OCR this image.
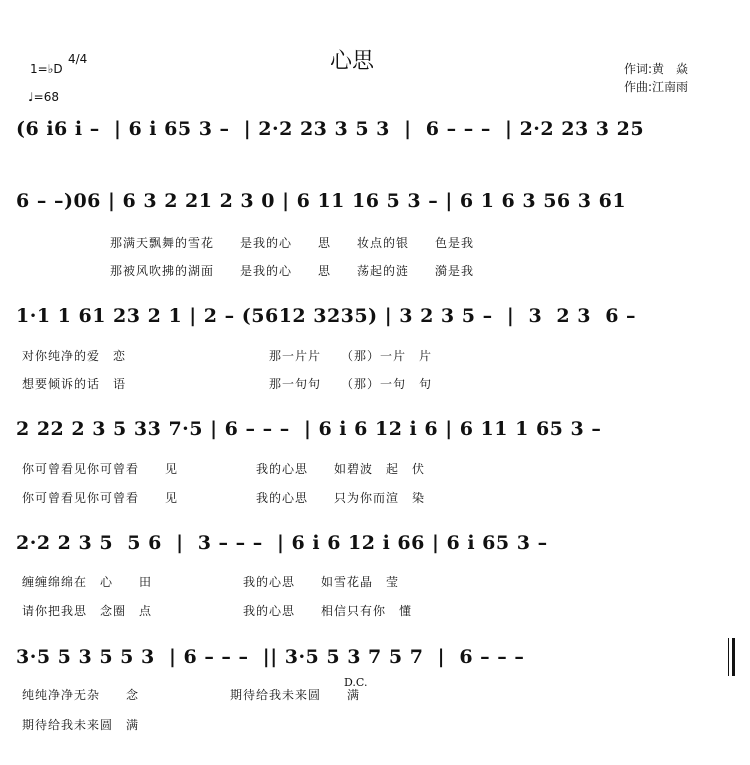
心思	作词:黄　焱
作曲:江南雨
1=♭D
4/4
♩=68
(6 i6 i –  | 6 i 65 3 –  | 2·2 23 3 5 3  |  6 – – –  | 2·2 23 3 25
6 – –)06 | 6 3 2 21 2 3 0 | 6 11 16 5 3 – | 6 1 6 3 56 3 61
那满天飘舞的雪花　　是我的心　　思　　妆点的银　　色是我
那被风吹拂的湖面　　是我的心　　思　　荡起的涟　　漪是我
1·1 1 61 23 2 1 | 2 – (5612 3235) | 3 2 3 5 –  |  3  2 3  6 –
对你纯净的爱　恋　　　　　　　　　　　那一片片　　（那）一片　片
想要倾诉的话　语　　　　　　　　　　　那一句句　　（那）一句　句
2 22 2 3 5 33 7·5 | 6 – – –  | 6 i 6 12 i 6 | 6 11 1 65 3 –
你可曾看见你可曾看　　见　　　　　　我的心思　　如碧波　起　伏
你可曾看见你可曾看　　见　　　　　　我的心思　　只为你而渲　染
2·2 2 3 5  5 6  |  3 – – –  | 6 i 6 12 i 66 | 6 i 65 3 –
缠缠绵绵在　心　　田　　　　　　　我的心思　　如雪花晶　莹
请你把我思　念圈　点　　　　　　　我的心思　　相信只有你　懂
3·5 5 3 5 5 3  | 6 – – –  || 3·5 5 3 7 5 7  |  6 – – –
D.C.
纯纯净净无杂　　念　　　　　　　期待给我未来圆　　满
期待给我未来圆　满
